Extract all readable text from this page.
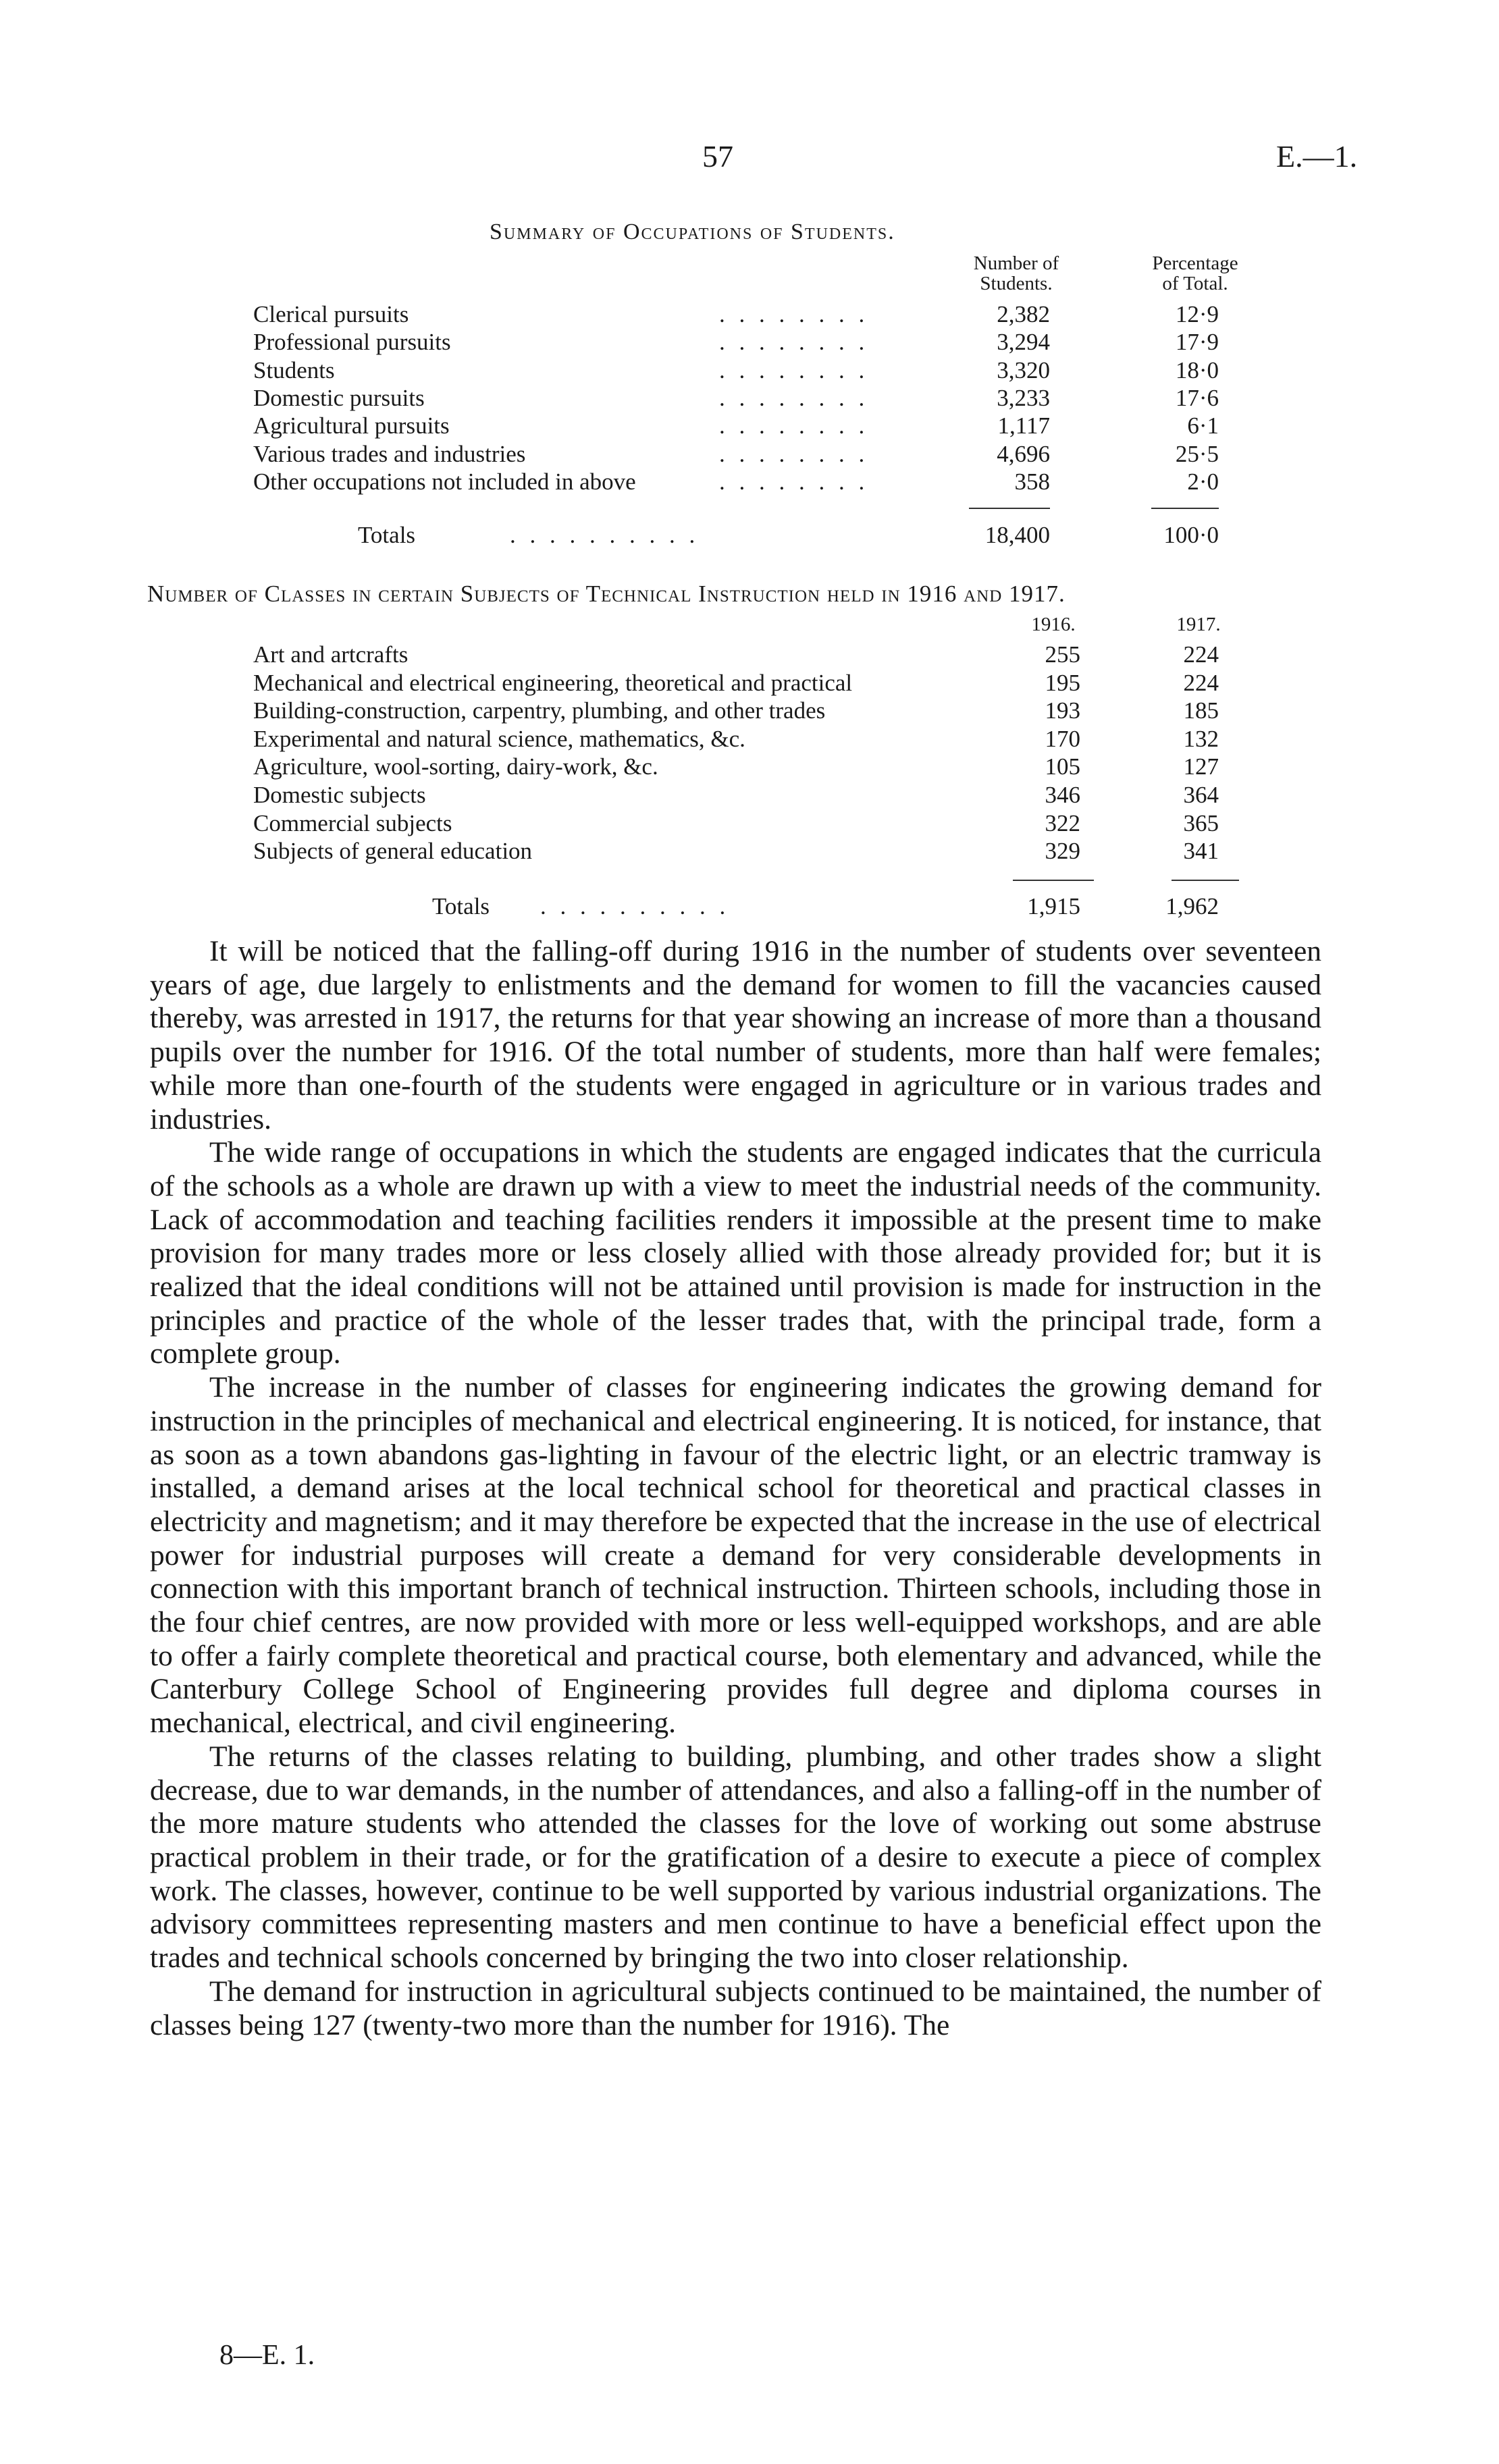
57	E.—1.
Summary of Occupations of Students.
Number of
Students.
Percentage
of Total.
Clerical pursuits	. . . . . . . .	2,382	12·9
Professional pursuits	. . . . . . . .	3,294	17·9
Students	. . . . . . . .	3,320	18·0
Domestic pursuits	. . . . . . . .	3,233	17·6
Agricultural pursuits	. . . . . . . .	1,117	6·1
Various trades and industries	. . . . . . . .	4,696	25·5
Other occupations not included in above	. . . . . . . .	358	2·0
Totals	. . . . . . . . . .	18,400	100·0
Number of Classes in certain Subjects of Technical Instruction held in 1916 and 1917.
1916.	1917.
Art and artcrafts	255	224
Mechanical and electrical engineering, theoretical and practical	195	224
Building-construction, carpentry, plumbing, and other trades	193	185
Experimental and natural science, mathematics, &c.	170	132
Agriculture, wool-sorting, dairy-work, &c.	105	127
Domestic subjects	346	364
Commercial subjects	322	365
Subjects of general education	329	341
Totals . . . . . . . . . .	1,915	1,962

It will be noticed that the falling-off during 1916 in the number of students over seventeen years of age, due largely to enlistments and the demand for women to fill the vacancies caused thereby, was arrested in 1917, the returns for that year showing an increase of more than a thousand pupils over the number for 1916. Of the total number of students, more than half were females; while more than one-fourth of the students were engaged in agriculture or in various trades and industries.

The wide range of occupations in which the students are engaged indicates that the curricula of the schools as a whole are drawn up with a view to meet the industrial needs of the community. Lack of accommodation and teaching facilities renders it impossible at the present time to make provision for many trades more or less closely allied with those already provided for; but it is realized that the ideal conditions will not be attained until provision is made for instruction in the principles and practice of the whole of the lesser trades that, with the principal trade, form a complete group.

The increase in the number of classes for engineering indicates the growing demand for instruction in the principles of mechanical and electrical engineering. It is noticed, for instance, that as soon as a town abandons gas-lighting in favour of the electric light, or an electric tramway is installed, a demand arises at the local technical school for theoretical and practical classes in electricity and magnetism; and it may therefore be expected that the increase in the use of electrical power for industrial purposes will create a demand for very considerable developments in connection with this important branch of technical instruction. Thirteen schools, including those in the four chief centres, are now provided with more or less well-equipped workshops, and are able to offer a fairly complete theoretical and practical course, both elementary and advanced, while the Canterbury College School of Engineering provides full degree and diploma courses in mechanical, electrical, and civil engineering.

The returns of the classes relating to building, plumbing, and other trades show a slight decrease, due to war demands, in the number of attendances, and also a falling-off in the number of the more mature students who attended the classes for the love of working out some abstruse practical problem in their trade, or for the gratification of a desire to execute a piece of complex work. The classes, however, continue to be well supported by various industrial organizations. The advisory committees representing masters and men continue to have a beneficial effect upon the trades and technical schools concerned by bringing the two into closer relationship.

The demand for instruction in agricultural subjects continued to be maintained, the number of classes being 127 (twenty-two more than the number for 1916). The

8—E. 1.
